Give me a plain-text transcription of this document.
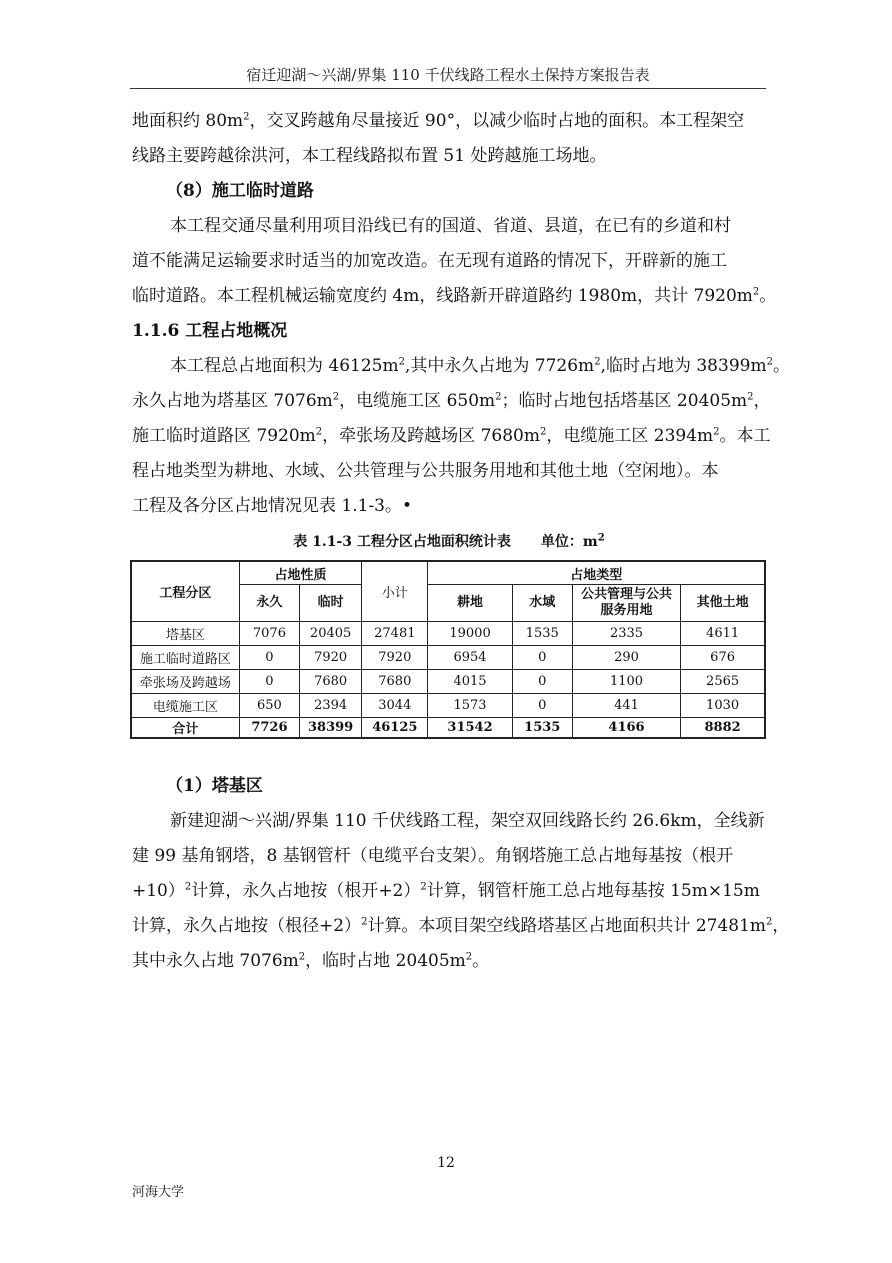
宿迁迎湖～兴湖/界集 110 千伏线路工程水土保持方案报告表

地面积约 $80m^2$，交叉跨越角尽量接近 90°，以减少临时占地的面积。本工程架空

线路主要跨越徐洪河，本工程线路拟布置 51 处跨越施工场地。

（8）施工临时道路

本工程交通尽量利用项目沿线已有的国道、省道、县道，在已有的乡道和村

道不能满足运输要求时适当的加宽改造。在无现有道路的情况下，开辟新的施工

临时道路。本工程机械运输宽度约 4m，线路新开辟道路约 1980m，共计 $7920m^2$。

1.1.6 工程占地概况

本工程总占地面积为 $46125m^2$,其中永久占地为 $7726m^2$,临时占地为 $38399m^2$。

永久占地为塔基区 $7076m^2$，电缆施工区 $650m^2$；临时占地包括塔基区 $20405m^2$，

施工临时道路区 $7920m^2$，牵张场及跨越场区 $7680m^2$，电缆施工区 $2394m^2$。本工

程占地类型为耕地、水域、公共管理与公共服务用地和其他土地（空闲地）。本

工程及各分区占地情况见表 1.1-3。•

表 1.1-3 工程分区占地面积统计表 单位：$m^2$
工程分区	占地性质		小计	占地类型			
	永久	临时		耕地	水域	公共管理与公共服务用地	其他土地
塔基区	7076	20405	27481	19000	1535	2335	4611
施工临时道路区	0	7920	7920	6954	0	290	676
牵张场及跨越场	0	7680	7680	4015	0	1100	2565
电缆施工区	650	2394	3044	1573	0	441	1030
合计	7726	38399	46125	31542	1535	4166	8882

（1）塔基区

新建迎湖～兴湖/界集 110 千伏线路工程，架空双回线路长约 26.6km，全线新

建 99 基角钢塔，8 基钢管杆（电缆平台支架）。角钢塔施工总占地每基按（根开

+10）$^2$计算，永久占地按（根开+2）$^2$计算，钢管杆施工总占地每基按 15m×15m

计算，永久占地按（根径+2）$^2$计算。本项目架空线路塔基区占地面积共计 $27481m^2$，

其中永久占地 $7076m^2$，临时占地 $20405m^2$。

12
河海大学
